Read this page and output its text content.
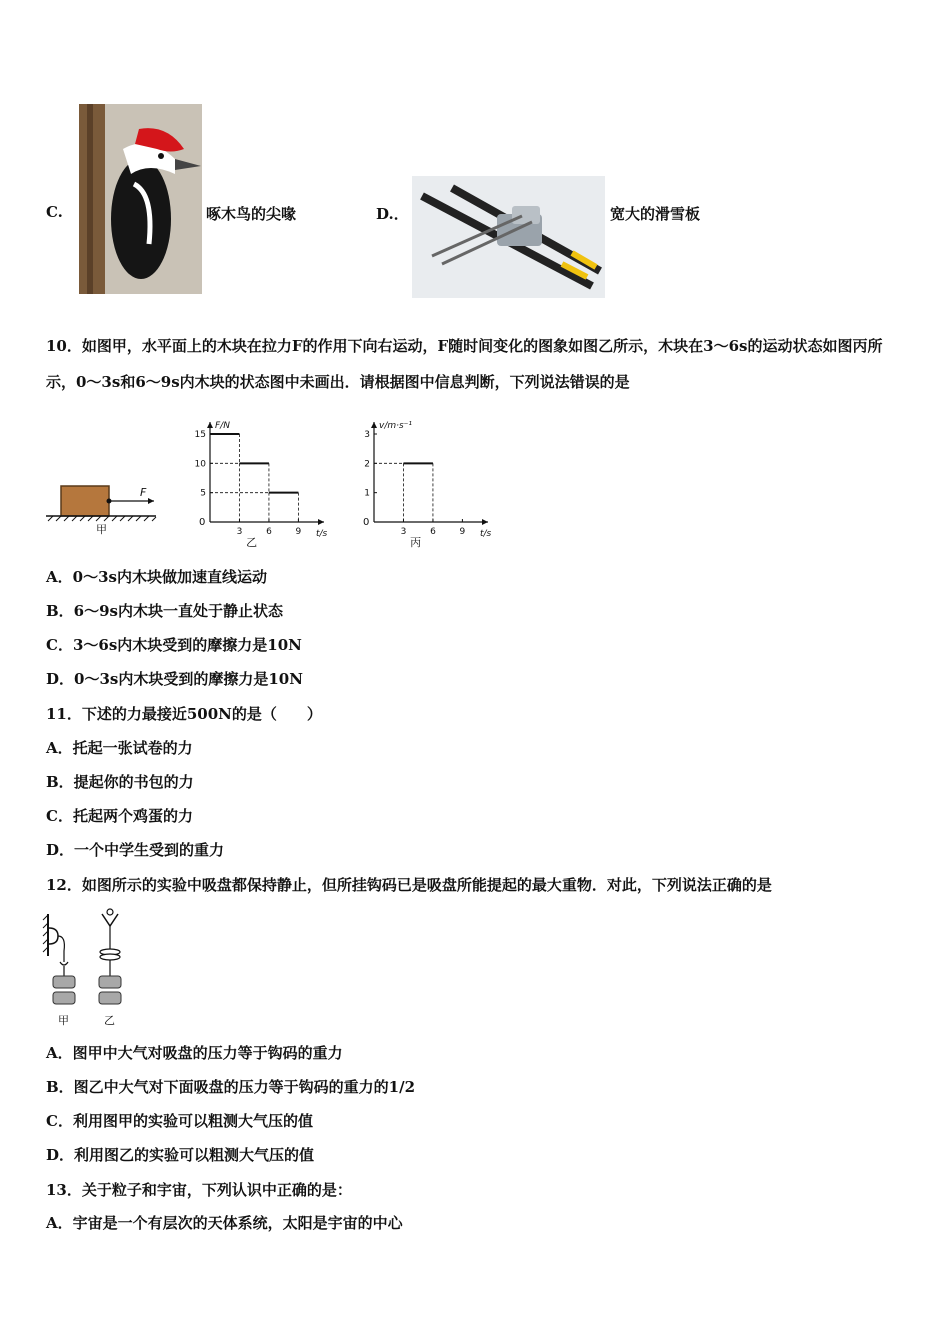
C.	啄木鸟的尖喙	D.．	宽大的滑雪板
10．如图甲，水平面上的木块在拉力F的作用下向右运动，F随时间变化的图象如图乙所示，木块在3～6s的运动状态如图丙所示，0～3s和6～9s内木块的状态图中未画出．请根据图中信息判断，下列说法错误的是
F
甲
F/N
t/s
0
5
10
15
3	6	9
乙
v/m·s⁻¹
t/s
0
1
2
3
3	6	9
丙
A．0～3s内木块做加速直线运动
B．6～9s内木块一直处于静止状态
C．3～6s内木块受到的摩擦力是10N
D．0～3s内木块受到的摩擦力是10N
11．下述的力最接近500N的是（　　）
A．托起一张试卷的力
B．提起你的书包的力
C．托起两个鸡蛋的力
D．一个中学生受到的重力
12．如图所示的实验中吸盘都保持静止，但所挂钩码已是吸盘所能提起的最大重物．对此，下列说法正确的是
甲	乙
A．图甲中大气对吸盘的压力等于钩码的重力
B．图乙中大气对下面吸盘的压力等于钩码的重力的1/2
C．利用图甲的实验可以粗测大气压的值
D．利用图乙的实验可以粗测大气压的值
13．关于粒子和宇宙，下列认识中正确的是：
A．宇宙是一个有层次的天体系统，太阳是宇宙的中心
